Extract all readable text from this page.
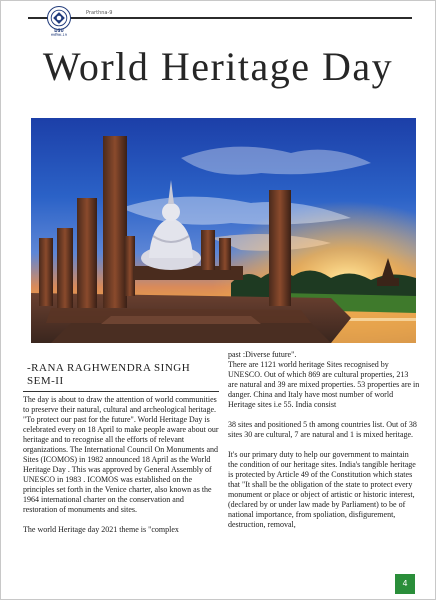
DSU
स्मारिका-19
Prarthna-9
World Heritage Day
-RANA RAGHWENDRA SINGH
SEM-II

The day is about to draw the attention of world communities to preserve their natural, cultural and archeological heritage. "To protect our past for the future". World Heritage Day is celebrated every on 18 April to make people aware about our heritage and to recognise all the efforts of relevant organizations. The International Council On Monuments and Sites (ICOMOS) in 1982 announced 18 April as the World Heritage Day . This was approved by General Assembly of UNESCO in 1983 . ICOMOS was established on the principles set forth in the Venice charter, also known as the 1964 international charter on the conservation and restoration of monuments and sites.

The world Heritage day 2021 theme is "complex

past :Diverse future".
There are 1121 world heritage Sites recognised by UNESCO. Out of which 869 are cultural properties, 213 are natural and 39 are mixed properties. 53 properties are in danger. China and Italy have most number of world Heritage sites i.e 55. India consist

38 sites and positioned 5 th among countries list. Out of 38 sites 30 are cultural, 7 are natural and 1 is mixed heritage.

It's our primary duty to help our government to maintain the condition of our heritage sites. India's tangible heritage is protected by Article 49 of the Constitution which states that "It shall be the obligation of the state to protect every monument or place or object of artistic or historic interest, (declared by or under law made by Parliament) to be of national importance, from spoliation, disfigurement, destruction, removal,

4
